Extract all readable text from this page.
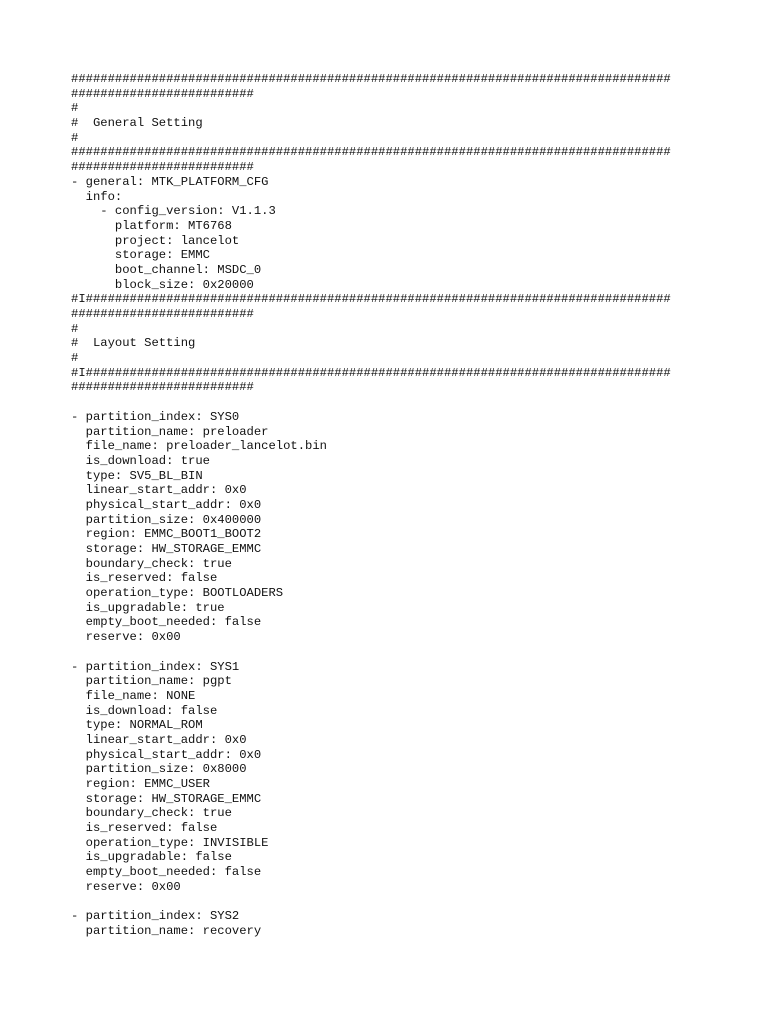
##################################################################################
#########################
#
#  General Setting
#
##################################################################################
#########################
- general: MTK_PLATFORM_CFG
info:
- config_version: V1.1.3
platform: MT6768
project: lancelot
storage: EMMC
boot_channel: MSDC_0
block_size: 0x20000
#I################################################################################
#########################
#
#  Layout Setting
#
#I################################################################################
#########################
- partition_index: SYS0
partition_name: preloader
file_name: preloader_lancelot.bin
is_download: true
type: SV5_BL_BIN
linear_start_addr: 0x0
physical_start_addr: 0x0
partition_size: 0x400000
region: EMMC_BOOT1_BOOT2
storage: HW_STORAGE_EMMC
boundary_check: true
is_reserved: false
operation_type: BOOTLOADERS
is_upgradable: true
empty_boot_needed: false
reserve: 0x00
- partition_index: SYS1
partition_name: pgpt
file_name: NONE
is_download: false
type: NORMAL_ROM
linear_start_addr: 0x0
physical_start_addr: 0x0
partition_size: 0x8000
region: EMMC_USER
storage: HW_STORAGE_EMMC
boundary_check: true
is_reserved: false
operation_type: INVISIBLE
is_upgradable: false
empty_boot_needed: false
reserve: 0x00
- partition_index: SYS2
partition_name: recovery
